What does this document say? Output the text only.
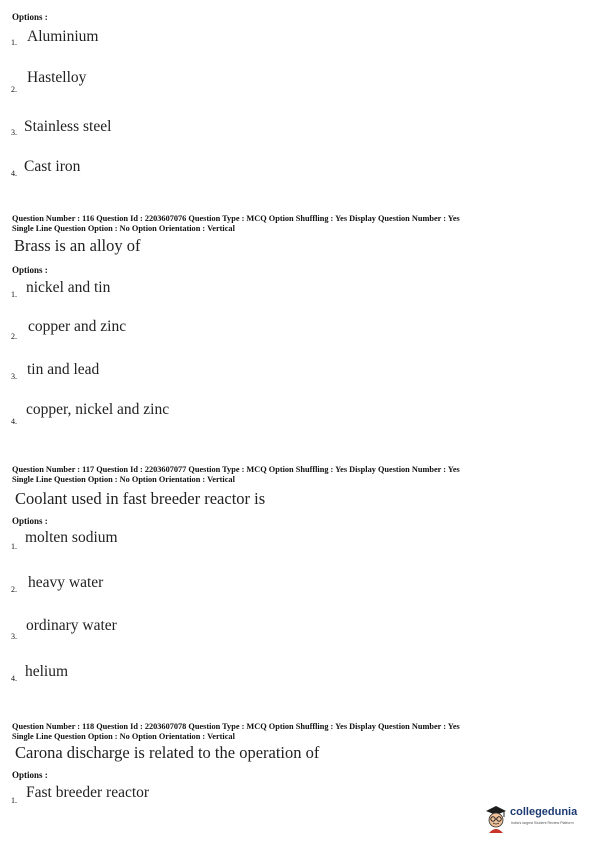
Options :
1. Aluminium
2.
Hastelloy
3. Stainless steel
4. Cast iron
Question Number : 116 Question Id : 2203607076 Question Type : MCQ Option Shuffling : Yes Display Question Number : Yes
Single Line Question Option : No Option Orientation : Vertical
Brass is an alloy of
Options :
1. nickel and tin
2.
copper and zinc
3. tin and lead
4.
copper, nickel and zinc
Question Number : 117 Question Id : 2203607077 Question Type : MCQ Option Shuffling : Yes Display Question Number : Yes
Single Line Question Option : No Option Orientation : Vertical
Coolant used in fast breeder reactor is
Options :
1.
molten sodium
2. heavy water
3.
ordinary water
4. helium
Question Number : 118 Question Id : 2203607078 Question Type : MCQ Option Shuffling : Yes Display Question Number : Yes
Single Line Question Option : No Option Orientation : Vertical
Carona discharge is related to the operation of
Options :
1. Fast breeder reactor
collegedunia
India's largest Student Review Platform
